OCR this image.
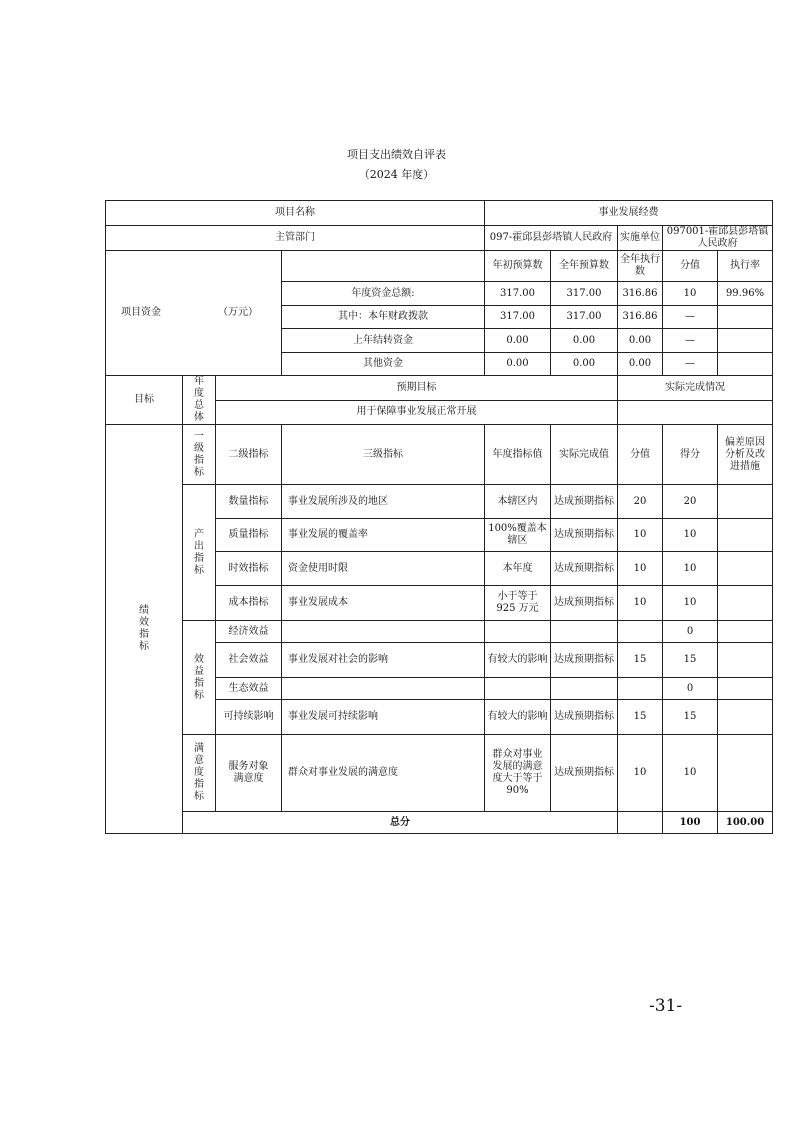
项目支出绩效自评表
（2024 年度）
项目名称				事业发展经费					
主管部门				097-霍邱县彭塔镇人民政府		实施单位	097001-霍邱县彭塔镇人民政府		

项目资金 （万元）				年初预算数	全年预算数	全年执行数	分值	执行率	
			年度资金总额:	317.00	317.00	316.86	10	99.96%	
			其中：本年财政拨款	317.00	317.00	316.86	—		
			上年结转资金	0.00	0.00	0.00	—		
			其他资金	0.00	0.00	0.00	—		
目标	年度总体	预期目标				实际完成情况			
		用于保障事业发展正常开展							
绩效指标	一级指标	二级指标	三级指标	年度指标值	实际完成值	分值	得分	偏差原因分析及改进措施	
	产出指标	数量指标	事业发展所涉及的地区	本辖区内	达成预期指标	20	20		
		质量指标	事业发展的覆盖率	100%覆盖本辖区	达成预期指标	10	10		
		时效指标	资金使用时限	本年度	达成预期指标	10	10		
		成本指标	事业发展成本	小于等于925 万元	达成预期指标	10	10		
	效益指标	经济效益					0		
		社会效益	事业发展对社会的影响	有较大的影响	达成预期指标	15	15		
		生态效益					0		
		可持续影响	事业发展可持续影响	有较大的影响	达成预期指标	15	15		
	满意度指标	服务对象满意度	群众对事业发展的满意度	群众对事业发展的满意度大于等于90%	达成预期指标	10	10		
	总分						100	100.00	
-31-
